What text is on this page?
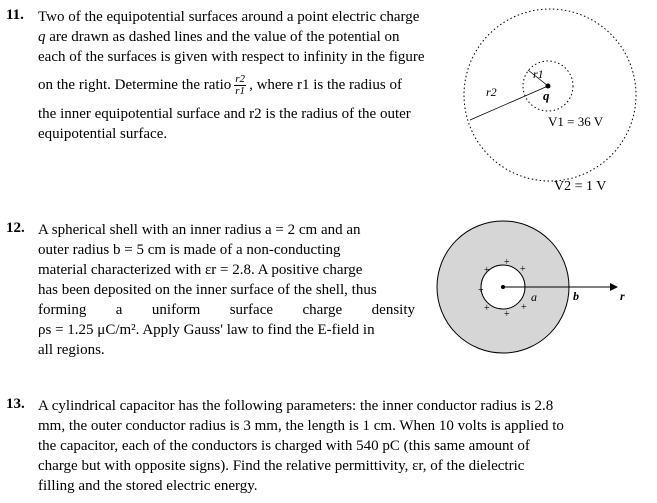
11. Two of the equipotential surfaces around a point electric charge
q are drawn as dashed lines and the value of the potential on
each of the surfaces is given with respect to infinity in the figure
on the right. Determine the ratio $\frac{r2}{r1}$ , where r1 is the radius of
the inner equipotential surface and r2 is the radius of the outer
equipotential surface.
r1
r2	q
V1 = 36 V
V2 = 1 V
12. A spherical shell with an inner radius a = 2 cm and an
outer radius b = 5 cm is made of a non-conducting
material characterized with εr = 2.8. A positive charge
has been deposited on the inner surface of the shell, thus
forming a uniform surface charge density
ρs = 1.25 μC/m². Apply Gauss' law to find the E-field in
all regions.
+
+
+
+
+
+
+
a	b	r
13. A cylindrical capacitor has the following parameters: the inner conductor radius is 2.8
mm, the outer conductor radius is 3 mm, the length is 1 cm. When 10 volts is applied to
the capacitor, each of the conductors is charged with 540 pC (this same amount of
charge but with opposite signs). Find the relative permittivity, εr, of the dielectric
filling and the stored electric energy.
